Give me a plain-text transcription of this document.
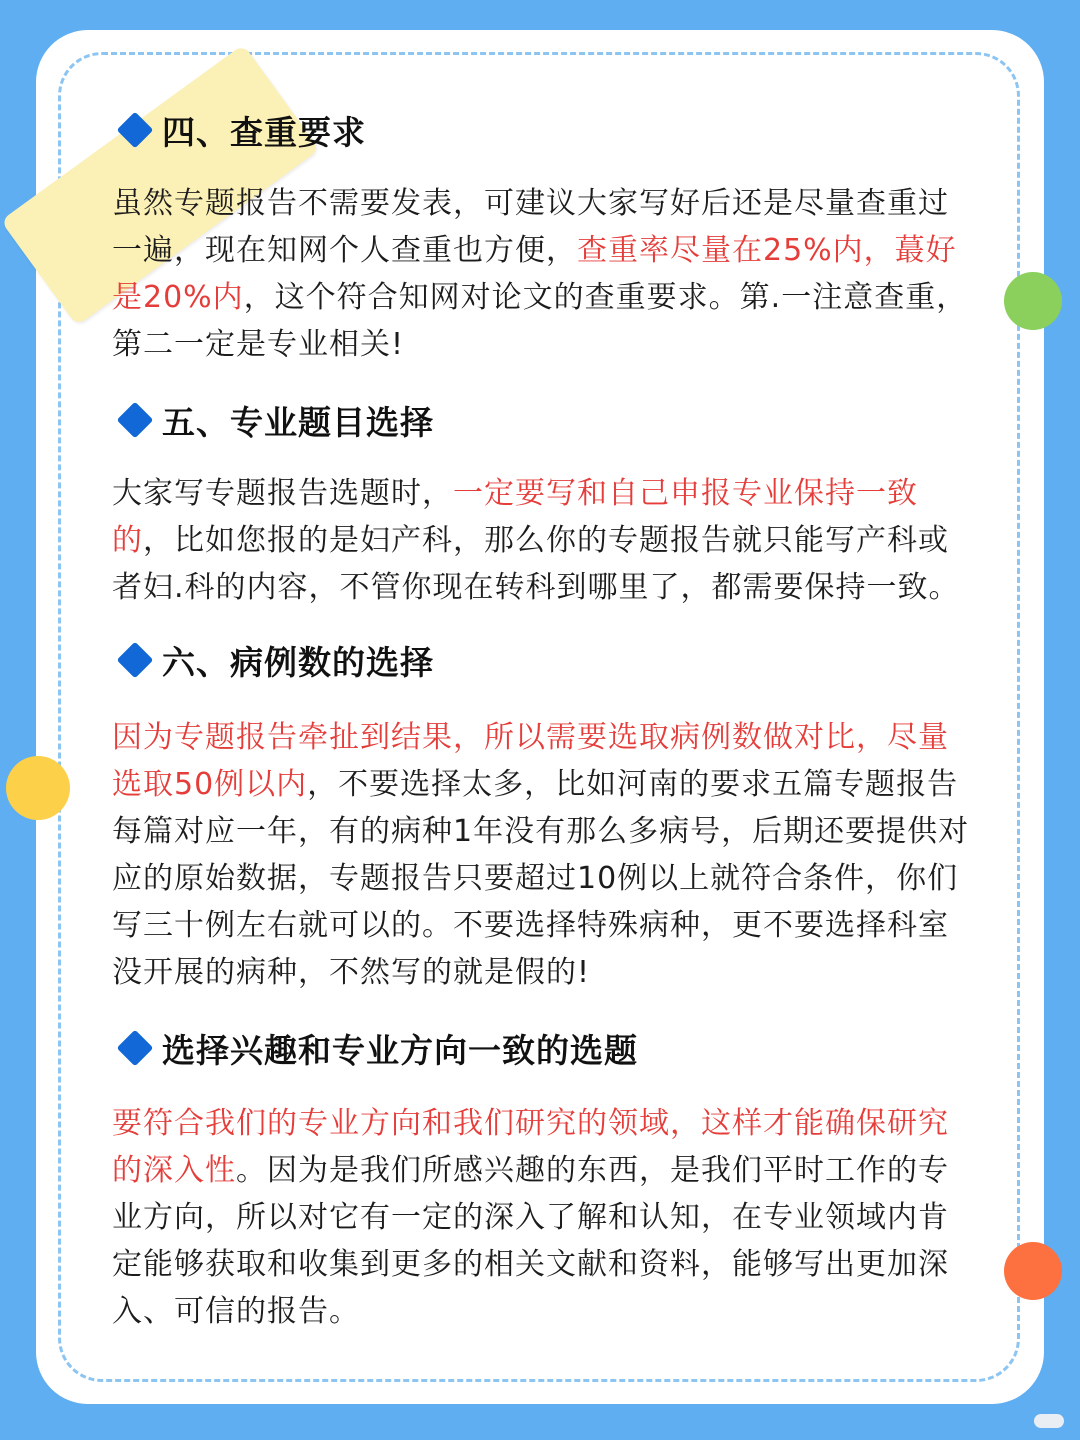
四、查重要求

虽然专题报告不需要发表，可建议大家写好后还是尽量查重过一遍，现在知网个人查重也方便，查重率尽量在25%内，蕞好是20%内，这个符合知网对论文的查重要求。第.一注意查重，第二一定是专业相关!

五、专业题目选择

大家写专题报告选题时，一定要写和自己申报专业保持一致的，比如您报的是妇产科，那么你的专题报告就只能写产科或者妇.科的内容，不管你现在转科到哪里了，都需要保持一致。

六、病例数的选择

因为专题报告牵扯到结果，所以需要选取病例数做对比，尽量选取50例以内，不要选择太多，比如河南的要求五篇专题报告每篇对应一年，有的病种1年没有那么多病号，后期还要提供对应的原始数据，专题报告只要超过10例以上就符合条件，你们写三十例左右就可以的。不要选择特殊病种，更不要选择科室没开展的病种，不然写的就是假的!

选择兴趣和专业方向一致的选题

要符合我们的专业方向和我们研究的领域，这样才能确保研究的深入性。因为是我们所感兴趣的东西，是我们平时工作的专业方向，所以对它有一定的深入了解和认知，在专业领域内肯定能够获取和收集到更多的相关文献和资料，能够写出更加深入、可信的报告。
